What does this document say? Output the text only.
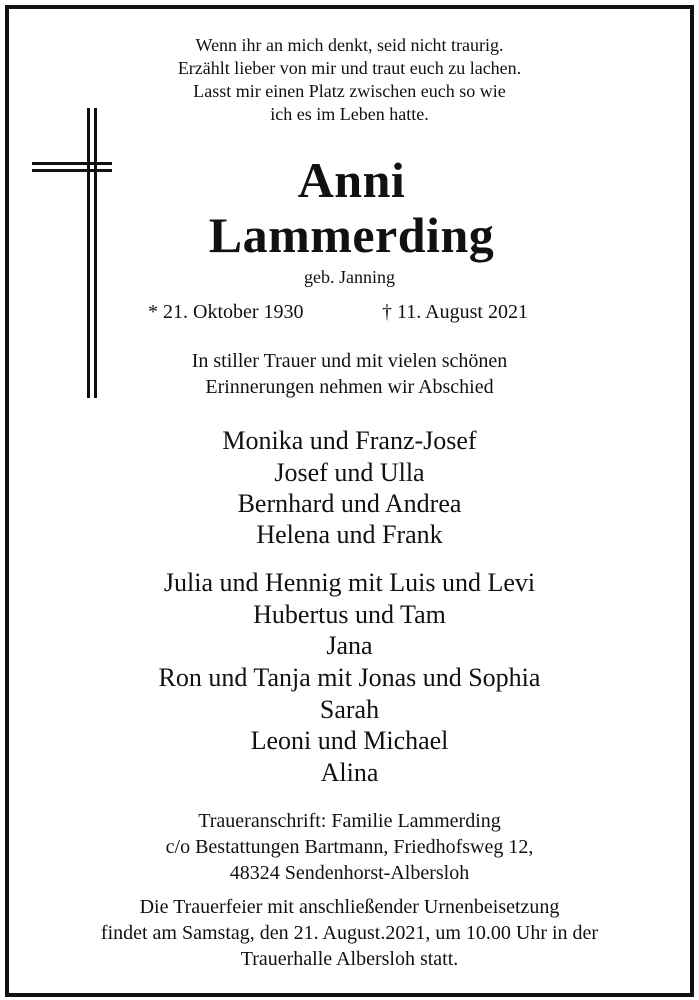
Wenn ihr an mich denkt, seid nicht traurig.
Erzählt lieber von mir und traut euch zu lachen.
Lasst mir einen Platz zwischen euch so wie
ich es im Leben hatte.
Anni
Lammerding
geb. Janning
* 21. Oktober 1930	† 11. August 2021
In stiller Trauer und mit vielen schönen
Erinnerungen nehmen wir Abschied
Monika und Franz-Josef
Josef und Ulla
Bernhard und Andrea
Helena und Frank
Julia und Hennig mit Luis und Levi
Hubertus und Tam
Jana
Ron und Tanja mit Jonas und Sophia
Sarah
Leoni und Michael
Alina
Traueranschrift: Familie Lammerding
c/o Bestattungen Bartmann, Friedhofsweg 12,
48324 Sendenhorst-Albersloh
Die Trauerfeier mit anschließender Urnenbeisetzung
findet am Samstag, den 21. August.2021, um 10.00 Uhr in der
Trauerhalle Albersloh statt.
